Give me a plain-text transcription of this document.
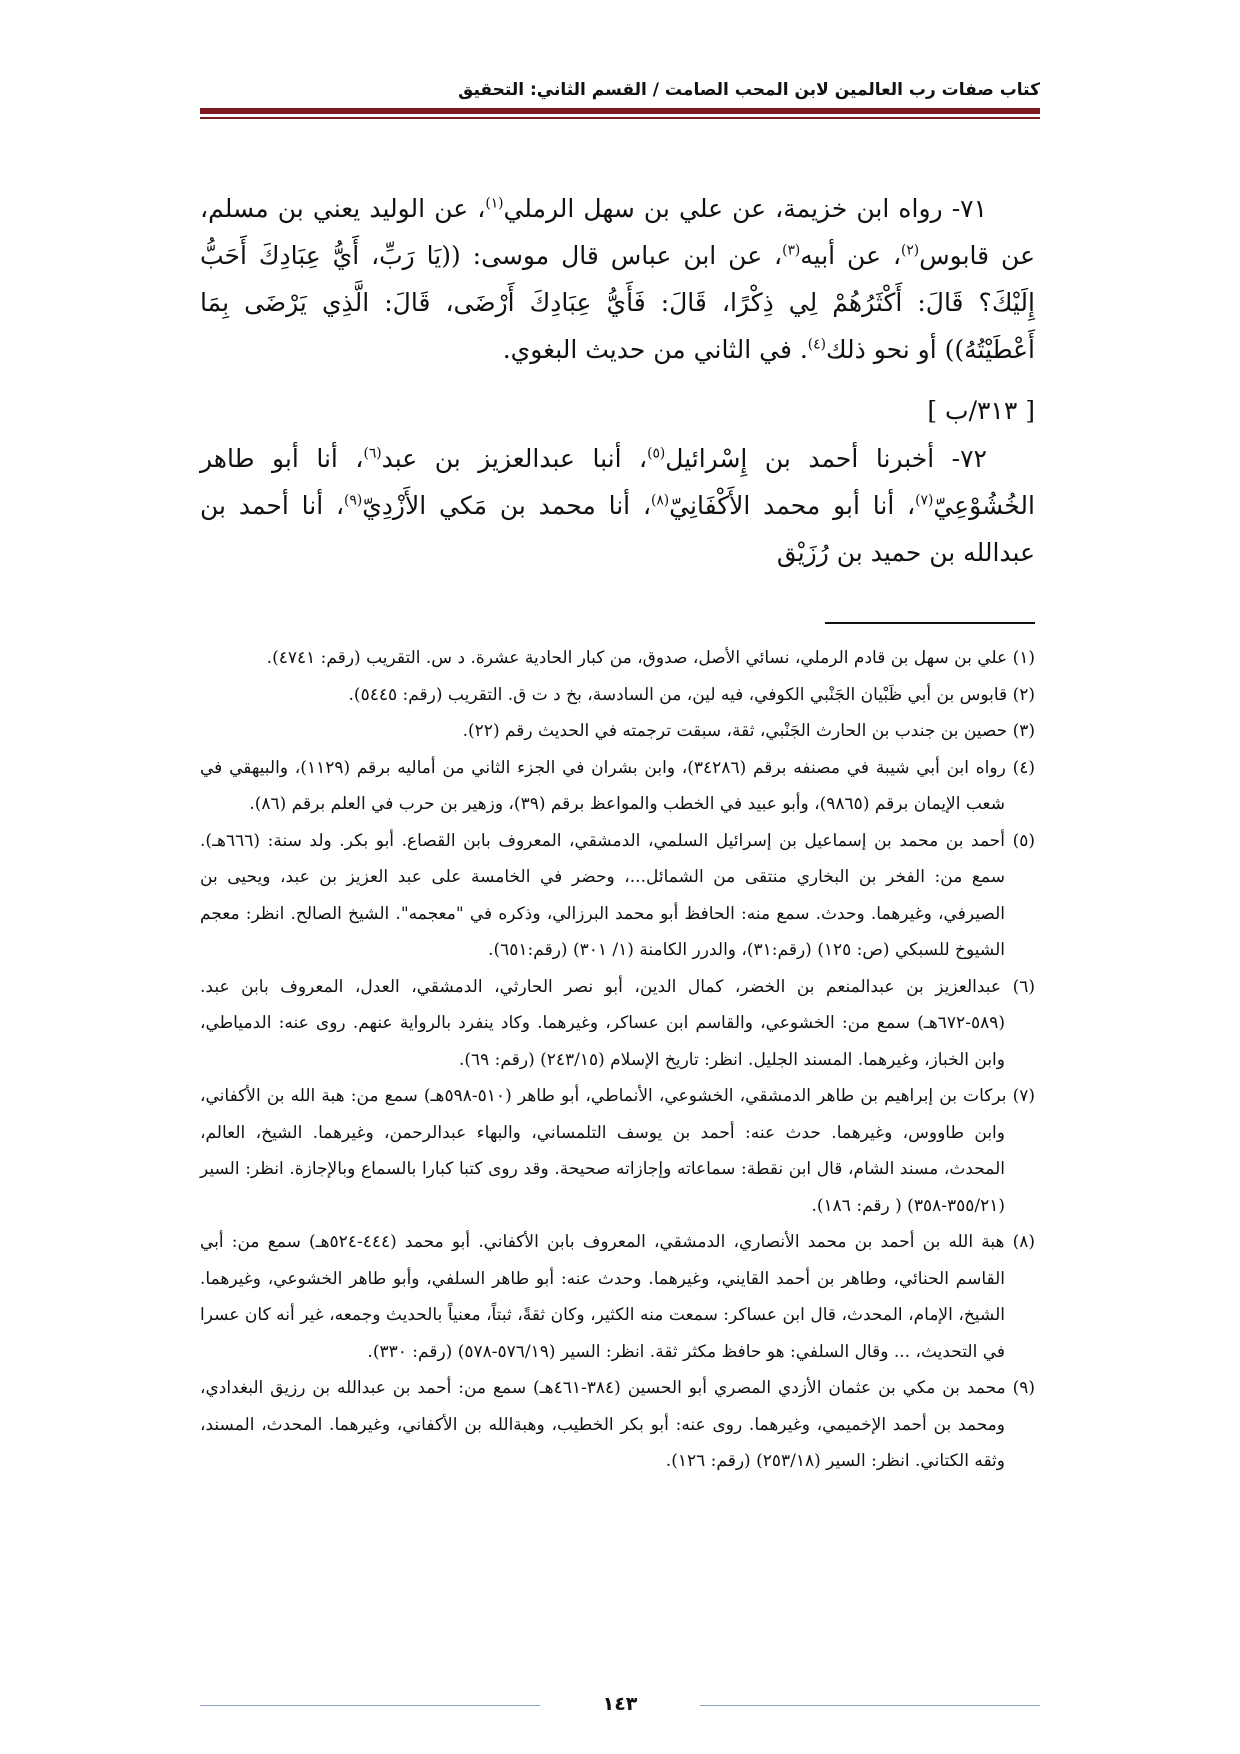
كتاب صفات رب العالمين لابن المحب الصامت / القسم الثاني: التحقيق

٧١- رواه ابن خزيمة، عن علي بن سهل الرملي$^{(١)}$، عن الوليد يعني بن مسلم، عن قابوس$^{(٢)}$، عن أبيه$^{(٣)}$، عن ابن عباس قال موسى: ((يَا رَبِّ، أَيُّ عِبَادِكَ أَحَبُّ إِلَيْكَ؟ قَالَ: أَكْثَرُهُمْ لِي ذِكْرًا، قَالَ: فَأَيُّ عِبَادِكَ أَرْضَى، قَالَ: الَّذِي يَرْضَى بِمَا أَعْطَيْتُهُ)) أو نحو ذلك$^{(٤)}$. في الثاني من حديث البغوي.

[ ٣١٣/ب ]

٧٢- أخبرنا أحمد بن إِسْرائيل$^{(٥)}$، أنبا عبدالعزيز بن عبد$^{(٦)}$، أنا أبو طاهر الخُشُوْعِيّ$^{(٧)}$، أنا أبو محمد الأَكْفَانِيّ$^{(٨)}$، أنا محمد بن مَكي الأَزْدِيّ$^{(٩)}$، أنا أحمد بن عبدالله بن حميد بن رُزَيْق

(١) علي بن سهل بن قادم الرملي، نسائي الأصل، صدوق، من كبار الحادية عشرة. د س. التقريب (رقم: ٤٧٤١).

(٢) قابوس بن أبي ظَبْيان الجَنْبي الكوفي، فيه لين، من السادسة، بخ د ت ق. التقريب (رقم: ٥٤٤٥).

(٣) حصين بن جندب بن الحارث الجَنْبي، ثقة، سبقت ترجمته في الحديث رقم (٢٢).

(٤) رواه ابن أبي شيبة في مصنفه برقم (٣٤٢٨٦)، وابن بشران في الجزء الثاني من أماليه برقم (١١٢٩)، والبيهقي في شعب الإيمان برقم (٩٨٦٥)، وأبو عبيد في الخطب والمواعظ برقم (٣٩)، وزهير بن حرب في العلم برقم (٨٦).

(٥) أحمد بن محمد بن إسماعيل بن إسرائيل السلمي، الدمشقي، المعروف بابن القصاع. أبو بكر. ولد سنة: (٦٦٦هـ). سمع من: الفخر بن البخاري منتقى من الشمائل...، وحضر في الخامسة على عبد العزيز بن عبد، ويحيى بن الصيرفي، وغيرهما. وحدث. سمع منه: الحافظ أبو محمد البرزالي، وذكره في "معجمه". الشيخ الصالح. انظر: معجم الشيوخ للسبكي (ص: ١٢٥) (رقم:٣١)، والدرر الكامنة (١/ ٣٠١) (رقم:٦٥١).

(٦) عبدالعزيز بن عبدالمنعم بن الخضر، كمال الدين، أبو نصر الحارثي، الدمشقي، العدل، المعروف بابن عبد. (٥٨٩-٦٧٢هـ) سمع من: الخشوعي، والقاسم ابن عساكر، وغيرهما. وكاد ينفرد بالرواية عنهم. روى عنه: الدمياطي، وابن الخباز، وغيرهما. المسند الجليل. انظر: تاريخ الإسلام (٢٤٣/١٥) (رقم: ٦٩).

(٧) بركات بن إبراهيم بن طاهر الدمشقي، الخشوعي، الأنماطي، أبو طاهر (٥١٠-٥٩٨هـ) سمع من: هبة الله بن الأكفاني، وابن طاووس، وغيرهما. حدث عنه: أحمد بن يوسف التلمساني، والبهاء عبدالرحمن، وغيرهما. الشيخ، العالم، المحدث، مسند الشام، قال ابن نقطة: سماعاته وإجازاته صحيحة. وقد روى كتبا كبارا بالسماع وبالإجازة. انظر: السير (٣٥٥/٢١-٣٥٨) ( رقم: ١٨٦).

(٨) هبة الله بن أحمد بن محمد الأنصاري، الدمشقي، المعروف بابن الأكفاني. أبو محمد (٤٤٤-٥٢٤هـ) سمع من: أبي القاسم الحنائي، وطاهر بن أحمد القايني، وغيرهما. وحدث عنه: أبو طاهر السلفي، وأبو طاهر الخشوعي، وغيرهما. الشيخ، الإمام، المحدث، قال ابن عساكر: سمعت منه الكثير، وكان ثقةً، ثبتاً، معنياً بالحديث وجمعه، غير أنه كان عسرا في التحديث، ... وقال السلفي: هو حافظ مكثر ثقة. انظر: السير (٥٧٦/١٩-٥٧٨) (رقم: ٣٣٠).

(٩) محمد بن مكي بن عثمان الأزدي المصري أبو الحسين (٣٨٤-٤٦١هـ) سمع من: أحمد بن عبدالله بن رزيق البغدادي، ومحمد بن أحمد الإخميمي، وغيرهما. روى عنه: أبو بكر الخطيب، وهبةالله بن الأكفاني، وغيرهما. المحدث، المسند، وثقه الكتاني. انظر: السير (٢٥٣/١٨) (رقم: ١٢٦).

١٤٣
